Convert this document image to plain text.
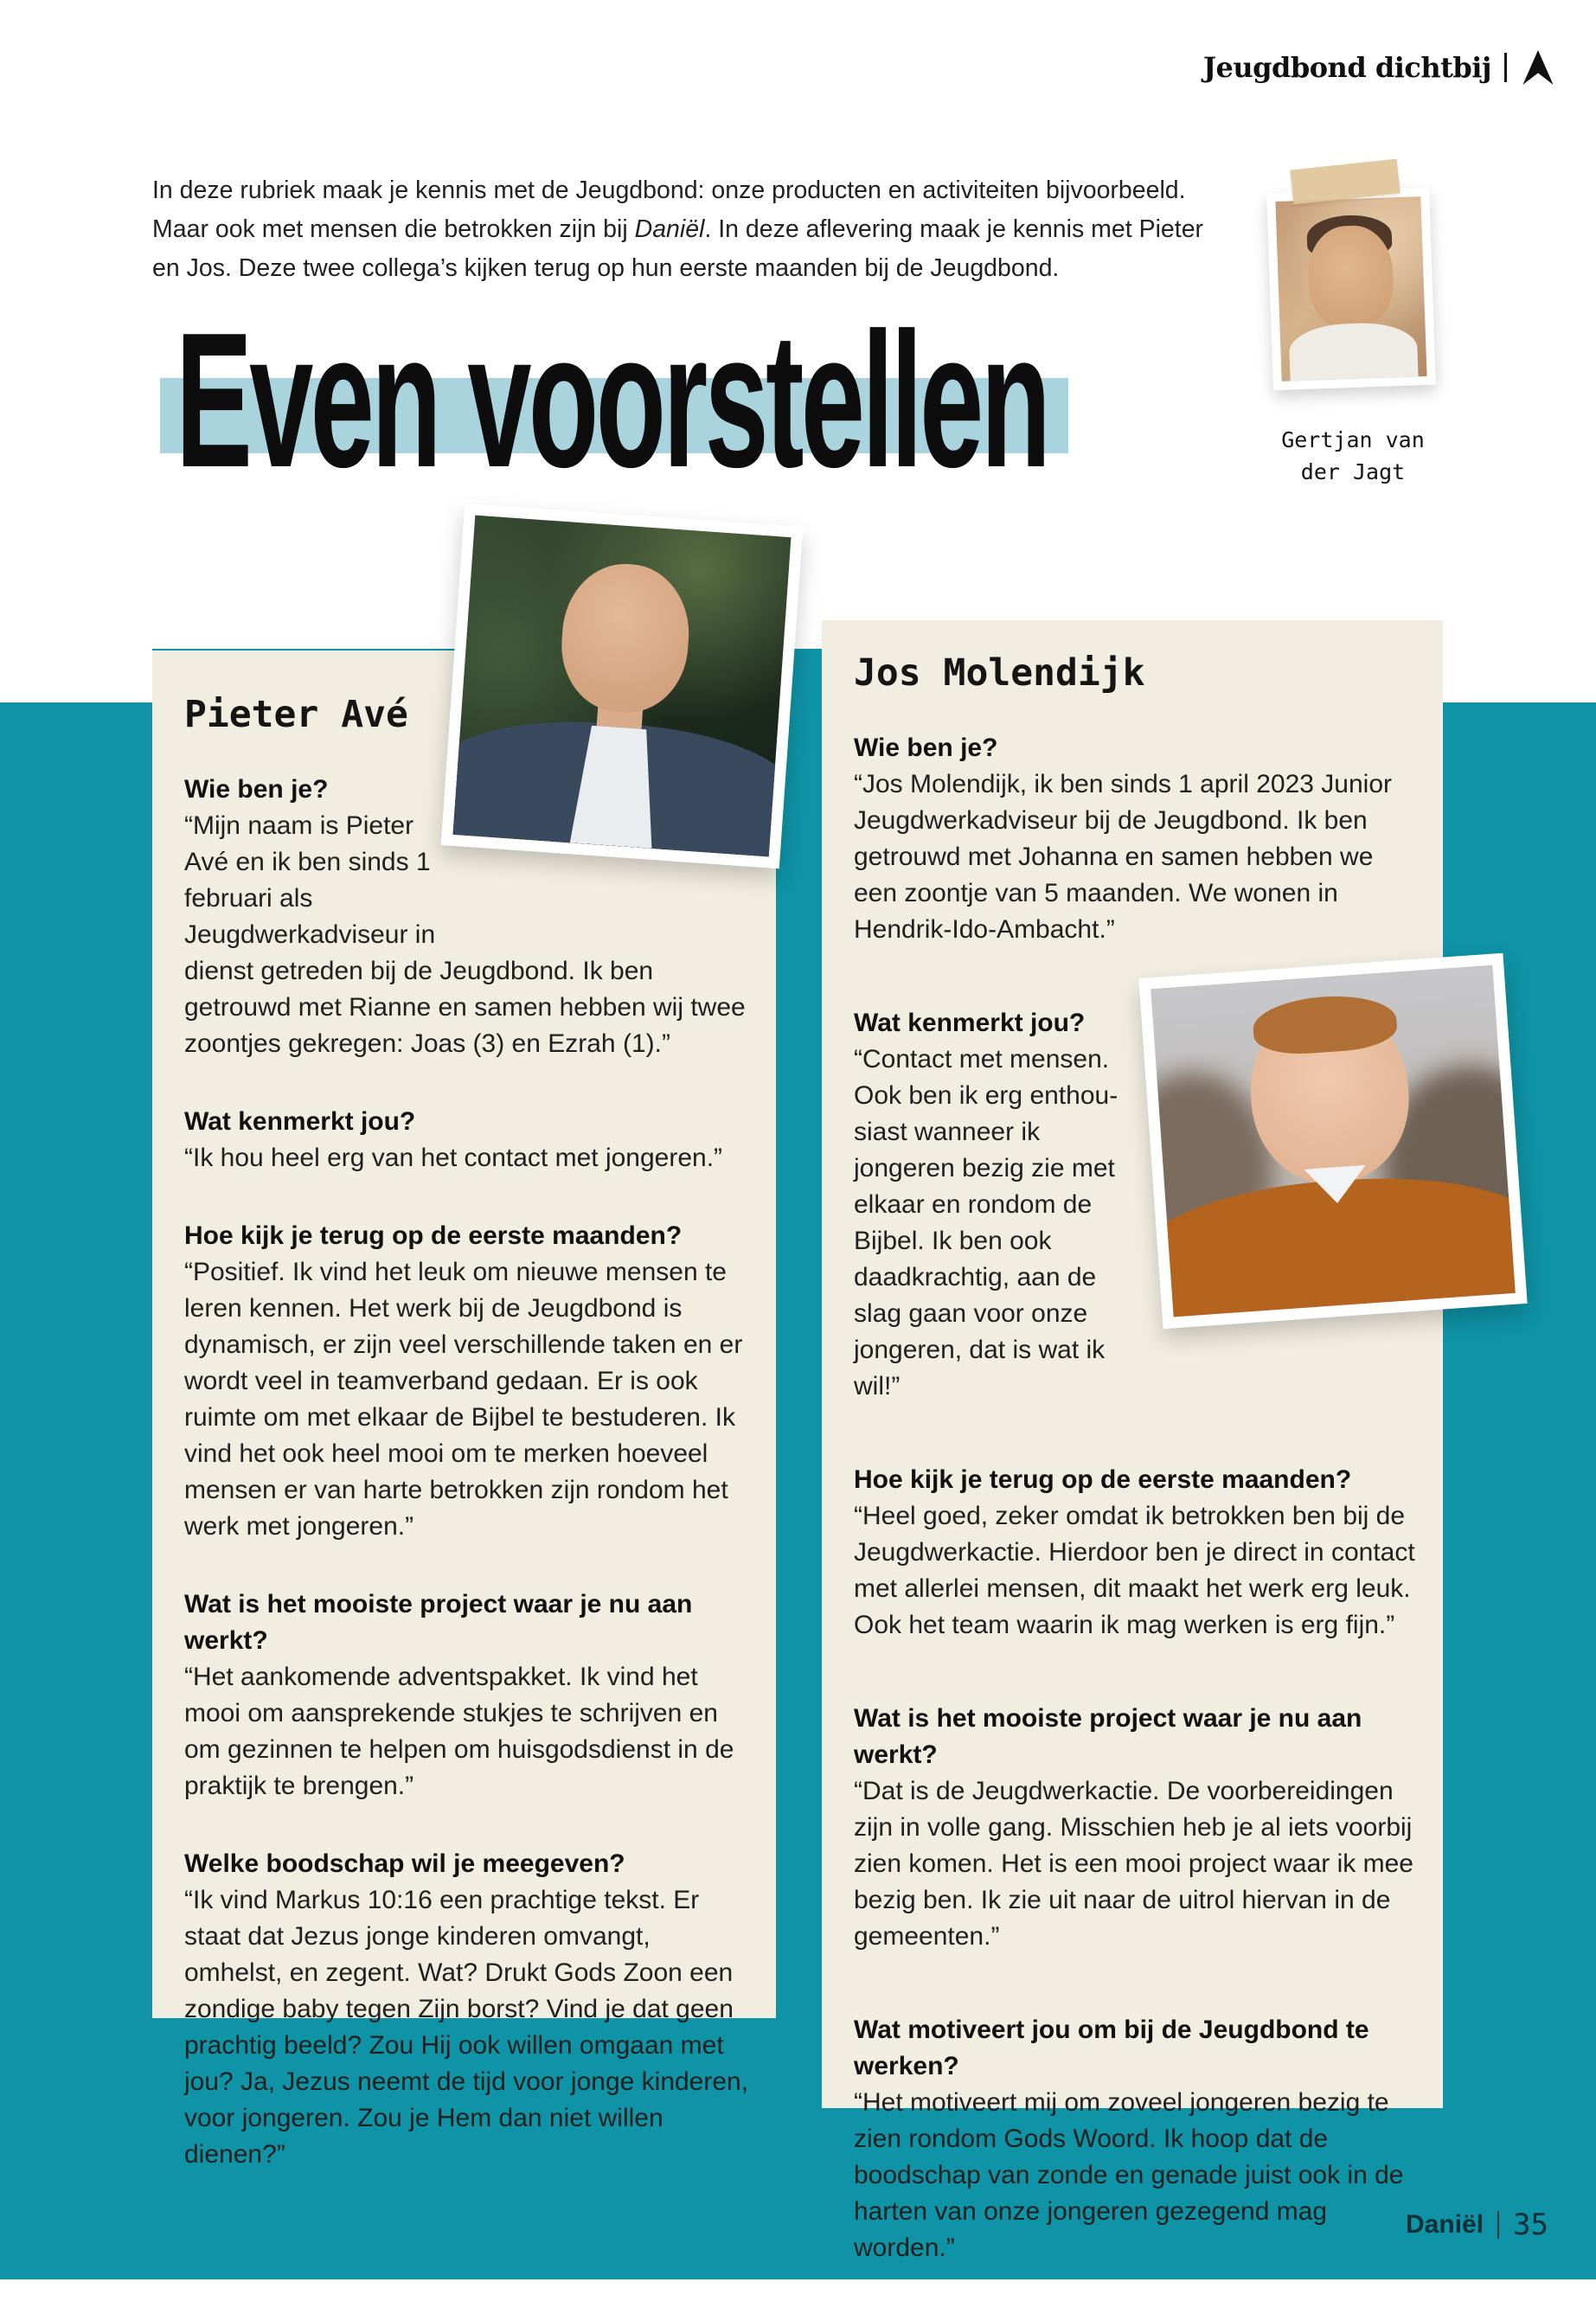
Jeugdbond dichtbij

In deze rubriek maak je kennis met de Jeugdbond: onze producten en activiteiten bijvoorbeeld. Maar ook met mensen die betrokken zijn bij Daniël. In deze aflevering maak je kennis met Pieter en Jos. Deze twee collega’s kijken terug op hun eerste maanden bij de Jeugdbond.

Even voorstellen
Pieter Avé

Wie ben je?

“Mijn naam is Pieter Avé en ik ben sinds 1 februari als Jeugdwerkadviseur in dienst getreden bij de Jeugdbond. Ik ben getrouwd met Rianne en samen hebben wij twee zoontjes gekregen: Joas (3) en Ezrah (1).”

Wat kenmerkt jou?

“Ik hou heel erg van het contact met jongeren.”

Hoe kijk je terug op de eerste maanden?

“Positief. Ik vind het leuk om nieuwe mensen te leren kennen. Het werk bij de Jeugdbond is dynamisch, er zijn veel verschillende taken en er wordt veel in teamverband gedaan. Er is ook ruimte om met elkaar de Bijbel te bestuderen. Ik vind het ook heel mooi om te merken hoeveel mensen er van harte betrokken zijn rondom het werk met jongeren.”

Wat is het mooiste project waar je nu aan werkt?

“Het aankomende adventspakket. Ik vind het mooi om aansprekende stukjes te schrijven en om gezinnen te helpen om huisgodsdienst in de praktijk te brengen.”

Welke boodschap wil je meegeven?

“Ik vind Markus 10:16 een prachtige tekst. Er staat dat Jezus jonge kinderen omvangt, omhelst, en zegent. Wat? Drukt Gods Zoon een zondige baby tegen Zijn borst? Vind je dat geen prachtig beeld? Zou Hij ook willen omgaan met jou? Ja, Jezus neemt de tijd voor jonge kinderen, voor jongeren. Zou je Hem dan niet willen dienen?”

Jos Molendijk

Wie ben je?

“Jos Molendijk, ik ben sinds 1 april 2023 Junior Jeugdwerkadviseur bij de Jeugdbond. Ik ben getrouwd met Johanna en samen hebben we een zoontje van 5 maanden. We wonen in Hendrik-Ido-Ambacht.”

Wat kenmerkt jou?

“Contact met mensen. Ook ben ik erg enthousiast wanneer ik jongeren bezig zie met elkaar en rondom de Bijbel. Ik ben ook daadkrachtig, aan de slag gaan voor onze jongeren, dat is wat ik wil!”

Hoe kijk je terug op de eerste maanden?

“Heel goed, zeker omdat ik betrokken ben bij de Jeugdwerkactie. Hierdoor ben je direct in contact met allerlei mensen, dit maakt het werk erg leuk. Ook het team waarin ik mag werken is erg fijn.”

Wat is het mooiste project waar je nu aan werkt?

“Dat is de Jeugdwerkactie. De voorbereidingen zijn in volle gang. Misschien heb je al iets voorbij zien komen. Het is een mooi project waar ik mee bezig ben. Ik zie uit naar de uitrol hiervan in de gemeenten.”

Wat motiveert jou om bij de Jeugdbond te werken?

“Het motiveert mij om zoveel jongeren bezig te zien rondom Gods Woord. Ik hoop dat de boodschap van zonde en genade juist ook in de harten van onze jongeren gezegend mag worden.”

Gertjan van
der Jagt
Daniël 35
